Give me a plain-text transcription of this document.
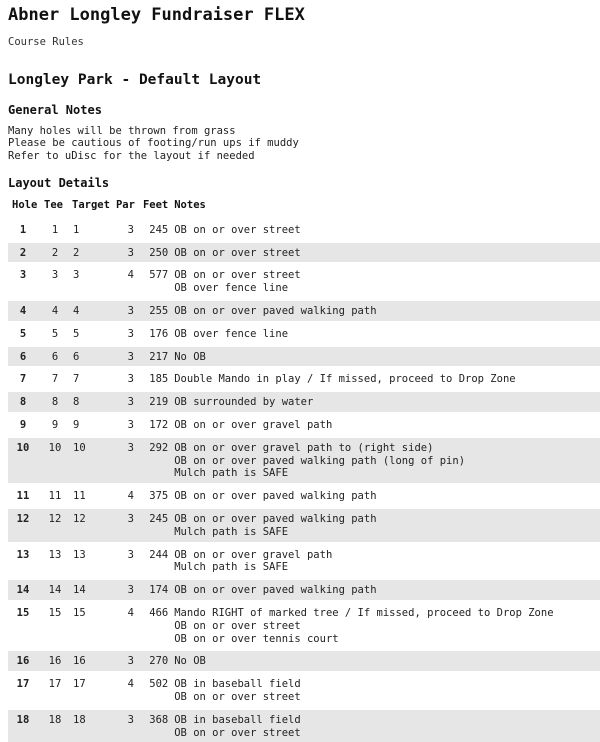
Abner Longley Fundraiser FLEX
Course Rules
Longley Park - Default Layout
General Notes
Many holes will be thrown from grass
Please be cautious of footing/run ups if muddy
Refer to uDisc for the layout if needed
Layout Details
Hole	Tee	Target	Par	Feet	Notes
1	1	1	3	245	OB on or over street

2	2	2	3	250	OB on or over street

3	3	3	4	577	OB on or over street
OB over fence line

4	4	4	3	255	OB on or over paved walking path

5	5	5	3	176	OB over fence line

6	6	6	3	217	No OB

7	7	7	3	185	Double Mando in play / If missed, proceed to Drop Zone

8	8	8	3	219	OB surrounded by water

9	9	9	3	172	OB on or over gravel path

10	10	10	3	292	OB on or over gravel path to (right side)
OB on or over paved walking path (long of pin)
Mulch path is SAFE

11	11	11	4	375	OB on or over paved walking path

12	12	12	3	245	OB on or over paved walking path
Mulch path is SAFE

13	13	13	3	244	OB on or over gravel path
Mulch path is SAFE

14	14	14	3	174	OB on or over paved walking path

15	15	15	4	466	Mando RIGHT of marked tree / If missed, proceed to Drop Zone
OB on or over street
OB on or over tennis court

16	16	16	3	270	No OB

17	17	17	4	502	OB in baseball field
OB on or over street

18	18	18	3	368	OB in baseball field
OB on or over street
